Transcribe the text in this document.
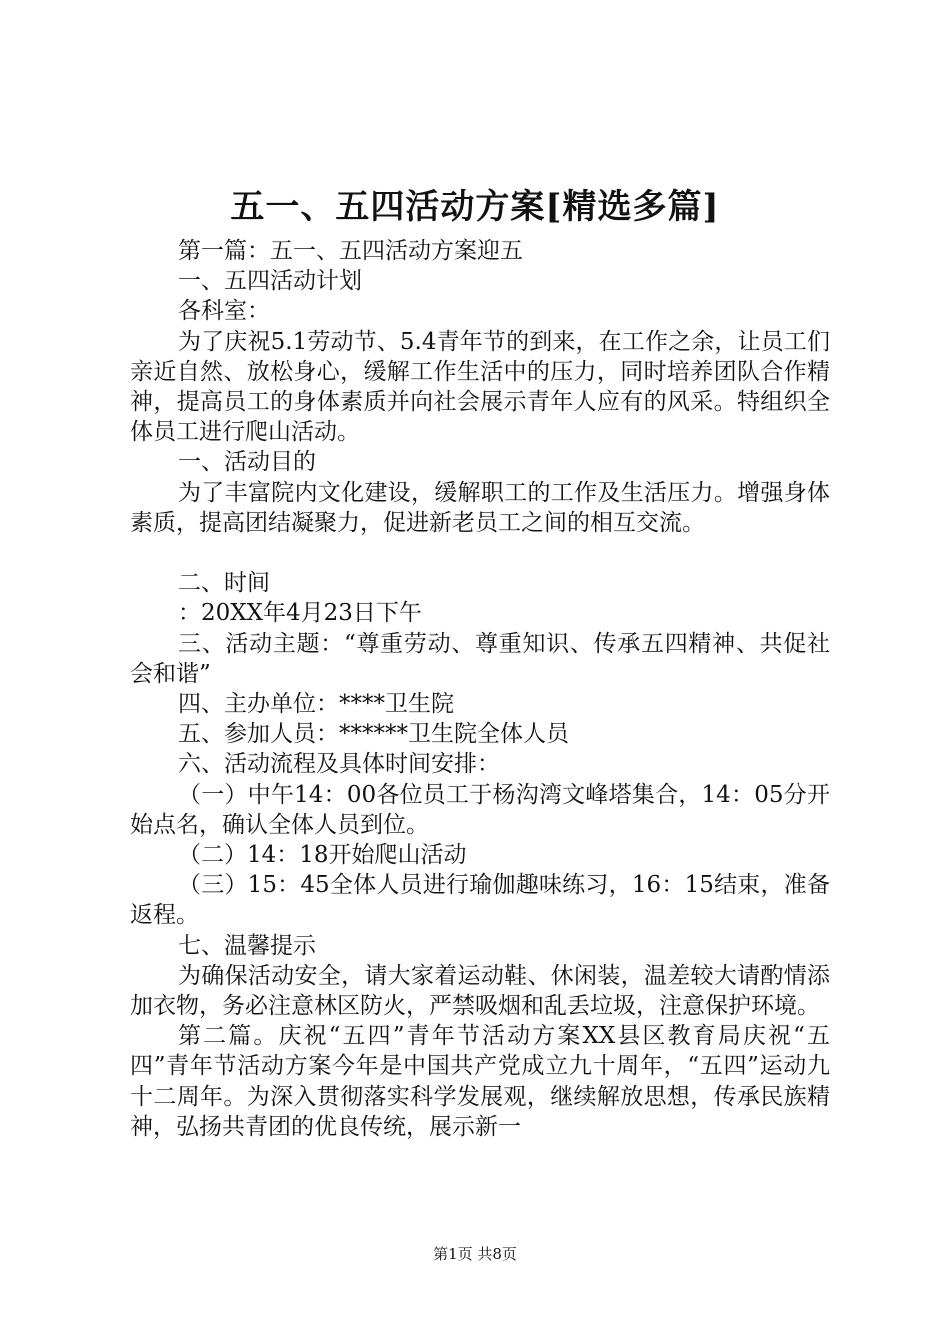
五一、五四活动方案[精选多篇]

第一篇：五一、五四活动方案迎五

一、五四活动计划

各科室：

为了庆祝5.1劳动节、5.4青年节的到来，在工作之余，让员工们亲近自然、放松身心，缓解工作生活中的压力，同时培养团队合作精神，提高员工的身体素质并向社会展示青年人应有的风采。特组织全体员工进行爬山活动。

一、活动目的

为了丰富院内文化建设，缓解职工的工作及生活压力。增强身体素质，提高团结凝聚力，促进新老员工之间的相互交流。

二、时间

：20XX年4月23日下午

三、活动主题：“尊重劳动、尊重知识、传承五四精神、共促社会和谐”

四、主办单位：****卫生院

五、参加人员：******卫生院全体人员

六、活动流程及具体时间安排：

（一）中午14：00各位员工于杨沟湾文峰塔集合，14：05分开始点名，确认全体人员到位。

（二）14：18开始爬山活动

（三）15：45全体人员进行瑜伽趣味练习，16：15结束，准备返程。

七、温馨提示

为确保活动安全，请大家着运动鞋、休闲装，温差较大请酌情添加衣物，务必注意林区防火，严禁吸烟和乱丢垃圾，注意保护环境。

第二篇。庆祝“五四”青年节活动方案XX县区教育局庆祝“五四”青年节活动方案今年是中国共产党成立九十周年，“五四”运动九十二周年。为深入贯彻落实科学发展观，继续解放思想，传承民族精神，弘扬共青团的优良传统，展示新一

第1页 共8页
